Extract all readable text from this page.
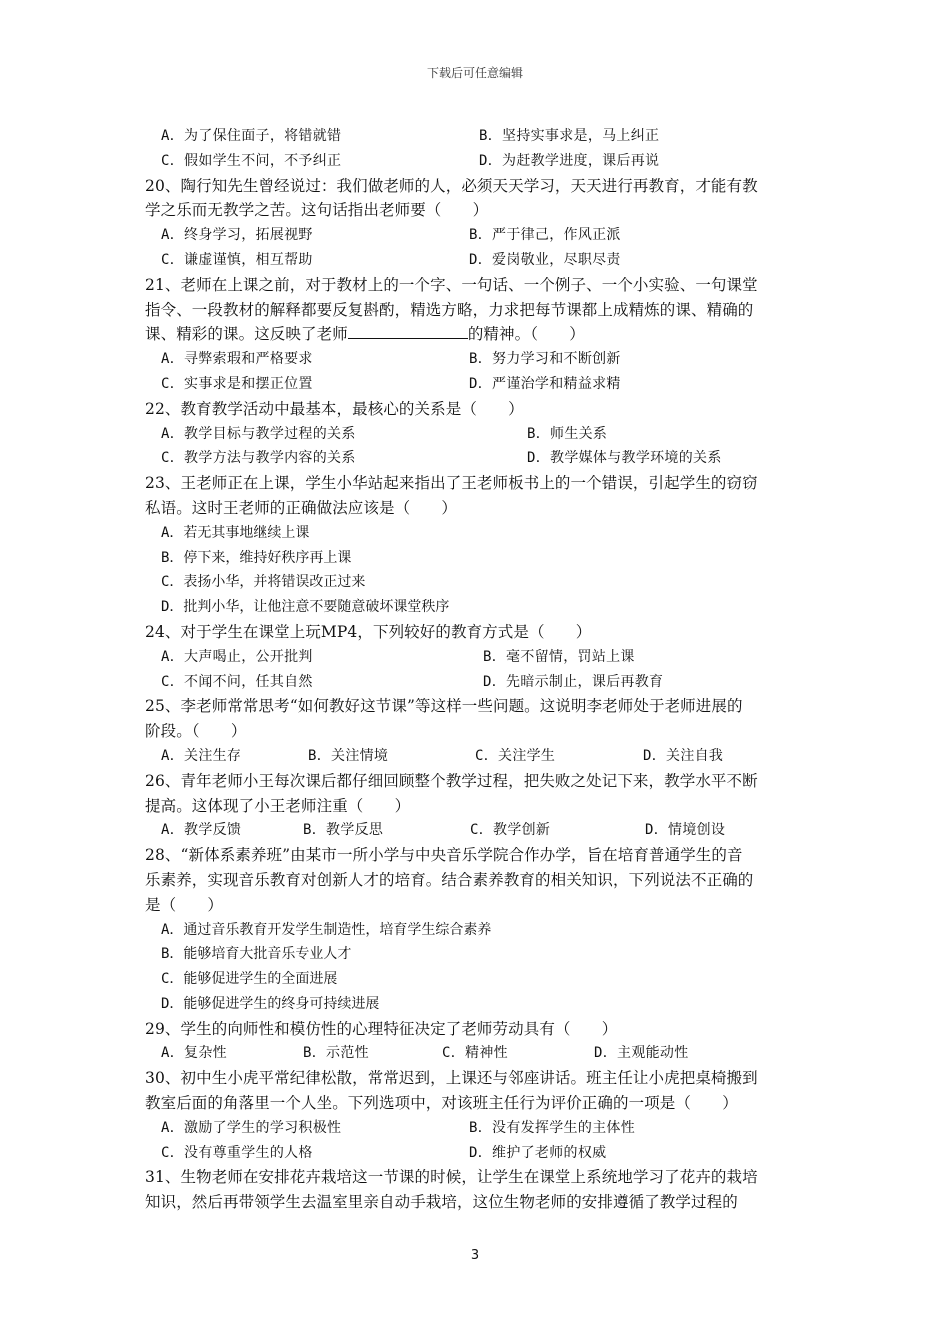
下载后可任意编辑
A．为了保住面子，将错就错	B．坚持实事求是，马上纠正
C．假如学生不问，不予纠正	D．为赶教学进度，课后再说
20、陶行知先生曾经说过：我们做老师的人，必须天天学习，天天进行再教育，才能有教
学之乐而无教学之苦。这句话指出老师要（　　）
A．终身学习，拓展视野	B．严于律己，作风正派
C．谦虚谨慎，相互帮助	D．爱岗敬业，尽职尽责
21、老师在上课之前，对于教材上的一个字、一句话、一个例子、一个小实验、一句课堂
指令、一段教材的解释都要反复斟酌，精选方略，力求把每节课都上成精炼的课、精确的
课、精彩的课。这反映了老师	的精神。（　　）
A．寻弊索瑕和严格要求	B．努力学习和不断创新
C．实事求是和摆正位置	D．严谨治学和精益求精
22、教育教学活动中最基本，最核心的关系是（　　）
A．教学目标与教学过程的关系	B．师生关系
C．教学方法与教学内容的关系	D．教学媒体与教学环境的关系
23、王老师正在上课，学生小华站起来指出了王老师板书上的一个错误，引起学生的窃窃
私语。这时王老师的正确做法应该是（　　）
A．若无其事地继续上课
B．停下来，维持好秩序再上课
C．表扬小华，并将错误改正过来
D．批判小华，让他注意不要随意破坏课堂秩序
24、对于学生在课堂上玩MP4，下列较好的教育方式是（　　）
A．大声喝止，公开批判	B．毫不留情，罚站上课
C．不闻不问，任其自然	D．先暗示制止，课后再教育
25、李老师常常思考“如何教好这节课”等这样一些问题。这说明李老师处于老师进展的
阶段。（　　）
A．关注生存	B．关注情境	C．关注学生	D．关注自我
26、青年老师小王每次课后都仔细回顾整个教学过程，把失败之处记下来，教学水平不断
提高。这体现了小王老师注重（　　）
A．教学反馈	B．教学反思	C．教学创新	D．情境创设
28、“新体系素养班”由某市一所小学与中央音乐学院合作办学，旨在培育普通学生的音
乐素养，实现音乐教育对创新人才的培育。结合素养教育的相关知识，下列说法不正确的
是（　　）
A．通过音乐教育开发学生制造性，培育学生综合素养
B．能够培育大批音乐专业人才
C．能够促进学生的全面进展
D．能够促进学生的终身可持续进展
29、学生的向师性和模仿性的心理特征决定了老师劳动具有（　　）
A．复杂性	B．示范性	C．精神性	D．主观能动性
30、初中生小虎平常纪律松散，常常迟到，上课还与邻座讲话。班主任让小虎把桌椅搬到
教室后面的角落里一个人坐。下列选项中，对该班主任行为评价正确的一项是（　　）
A．激励了学生的学习积极性	B．没有发挥学生的主体性
C．没有尊重学生的人格	D．维护了老师的权威
31、生物老师在安排花卉栽培这一节课的时候，让学生在课堂上系统地学习了花卉的栽培
知识，然后再带领学生去温室里亲自动手栽培，这位生物老师的安排遵循了教学过程的
3
